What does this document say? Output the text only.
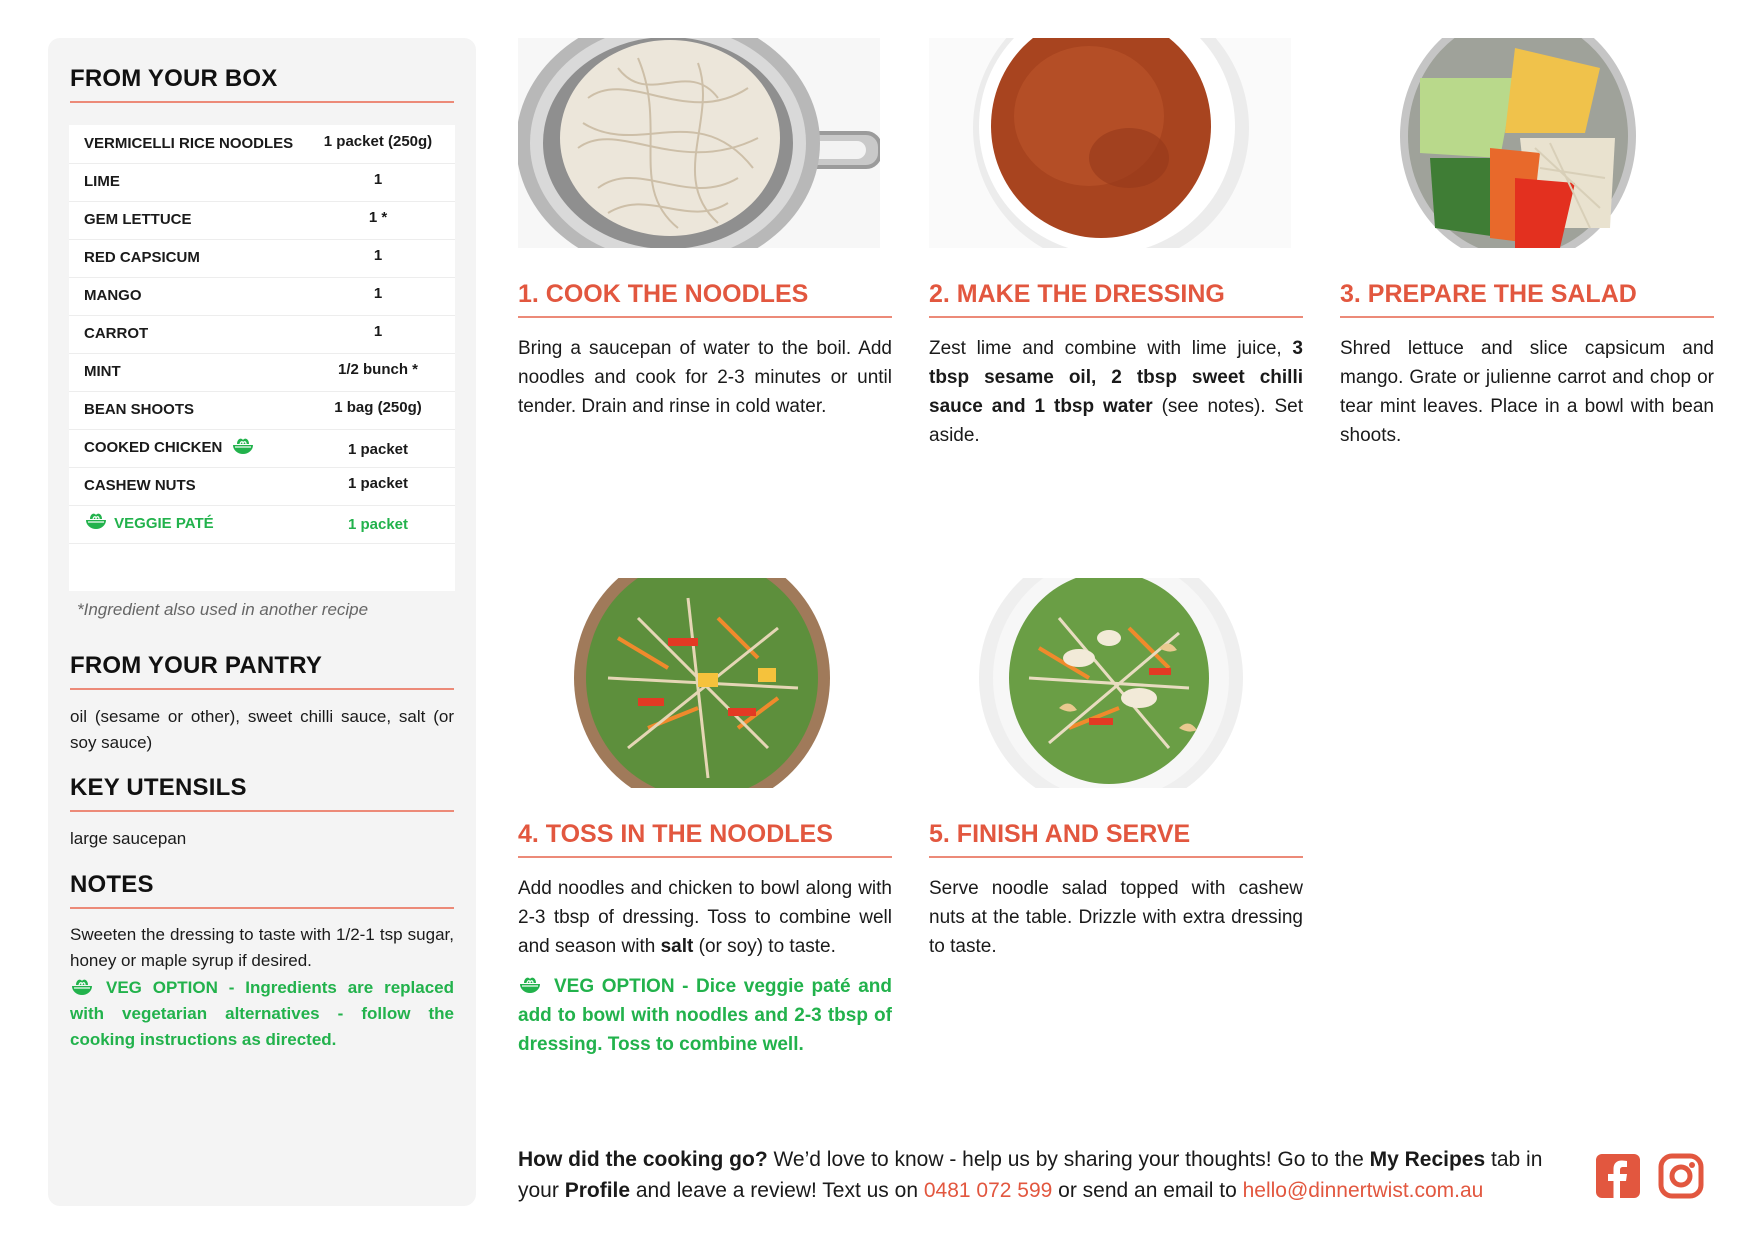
FROM YOUR BOX
VERMICELLI RICE NOODLES	1 packet (250g)
LIME	1
GEM LETTUCE	1 *
RED CAPSICUM	1
MANGO	1
CARROT	1
MINT	1/2 bunch *
BEAN SHOOTS	1 bag (250g)
COOKED CHICKEN	1 packet
CASHEW NUTS	1 packet
VEGGIE PATÉ	1 packet
*Ingredient also used in another recipe
FROM YOUR PANTRY

oil (sesame or other), sweet chilli sauce, salt (or soy sauce)

KEY UTENSILS

large saucepan

NOTES

Sweeten the dressing to taste with 1/2-1 tsp sugar, honey or maple syrup if desired.

VEG OPTION - Ingredients are replaced with vegetarian alternatives - follow the cooking instructions as directed.

1. COOK THE NOODLES

Bring a saucepan of water to the boil. Add noodles and cook for 2-3 minutes or until tender. Drain and rinse in cold water.

2. MAKE THE DRESSING

Zest lime and combine with lime juice, 3 tbsp sesame oil, 2 tbsp sweet chilli sauce and 1 tbsp water (see notes). Set aside.

3. PREPARE THE SALAD

Shred lettuce and slice capsicum and mango. Grate or julienne carrot and chop or tear mint leaves. Place in a bowl with bean shoots.

4. TOSS IN THE NOODLES

Add noodles and chicken to bowl along with 2-3 tbsp of dressing. Toss to combine well and season with salt (or soy) to taste.

VEG OPTION - Dice veggie paté and add to bowl with noodles and 2-3 tbsp of dressing. Toss to combine well.

5. FINISH AND SERVE

Serve noodle salad topped with cashew nuts at the table. Drizzle with extra dressing to taste.

How did the cooking go? We’d love to know - help us by sharing your thoughts! Go to the My Recipes tab in your Profile and leave a review! Text us on 0481 072 599 or send an email to hello@dinnertwist.com.au
